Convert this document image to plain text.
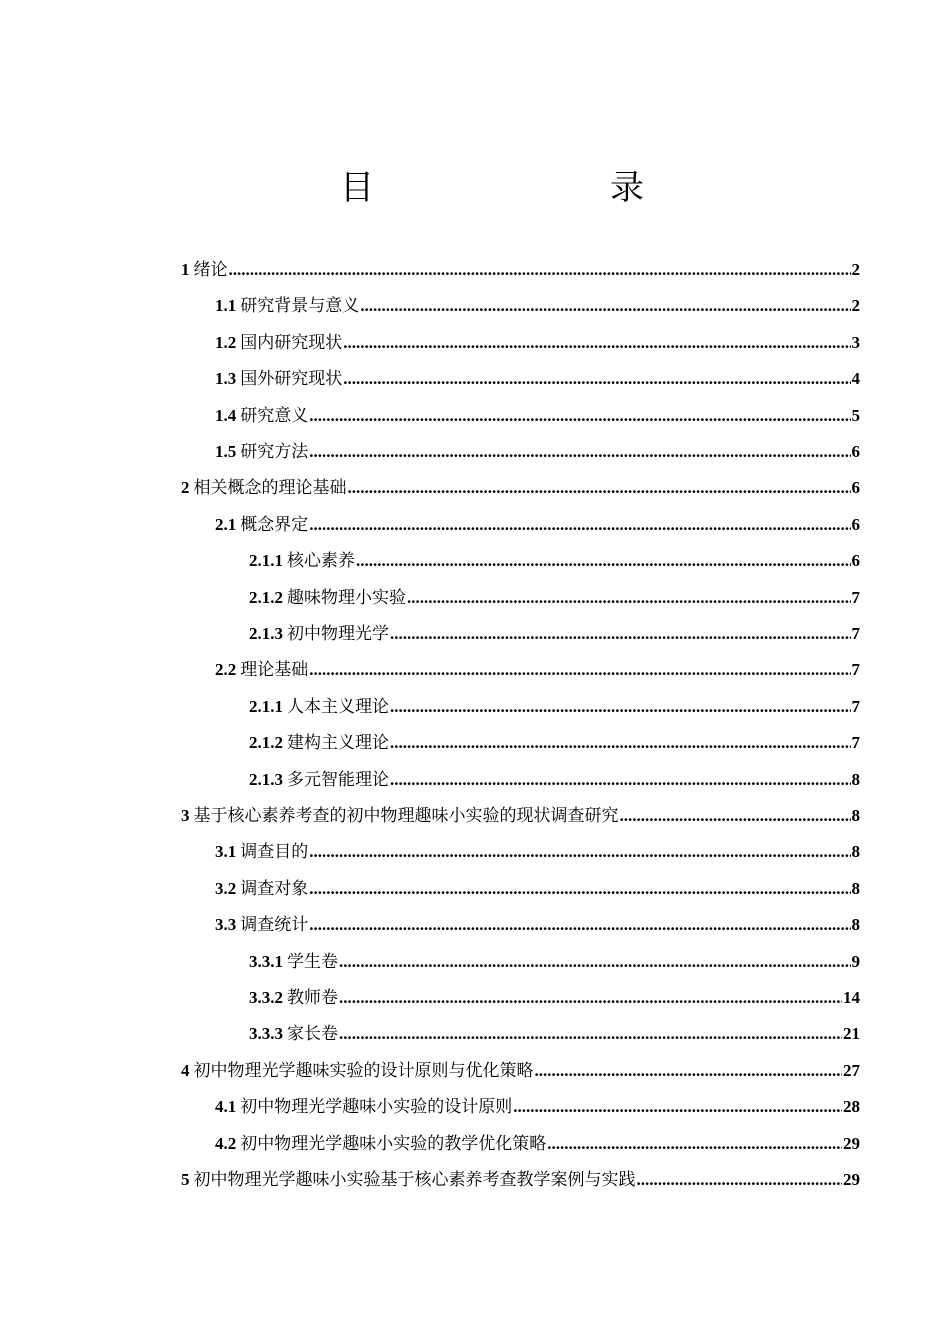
目　　录
1 绪论 .....	2
1.1 研究背景与意义 .....	2
1.2 国内研究现状 .....	3
1.3 国外研究现状 .....	4
1.4 研究意义 .....	5
1.5 研究方法 .....	6
2 相关概念的理论基础 .....	6
2.1 概念界定 .....	6
2.1.1 核心素养 .....	6
2.1.2 趣味物理小实验 .....	7
2.1.3 初中物理光学 .....	7
2.2 理论基础 .....	7
2.1.1 人本主义理论 .....	7
2.1.2 建构主义理论 .....	7
2.1.3 多元智能理论 .....	8
3 基于核心素养考查的初中物理趣味小实验的现状调查研究 .....	8
3.1 调查目的 .....	8
3.2 调查对象 .....	8
3.3 调查统计 .....	8
3.3.1 学生卷 .....	9
3.3.2 教师卷 .....	14
3.3.3 家长卷 .....	21
4 初中物理光学趣味实验的设计原则与优化策略 .....	27
4.1 初中物理光学趣味小实验的设计原则 .....	28
4.2 初中物理光学趣味小实验的教学优化策略 .....	29
5 初中物理光学趣味小实验基于核心素养考查教学案例与实践 .....	29
